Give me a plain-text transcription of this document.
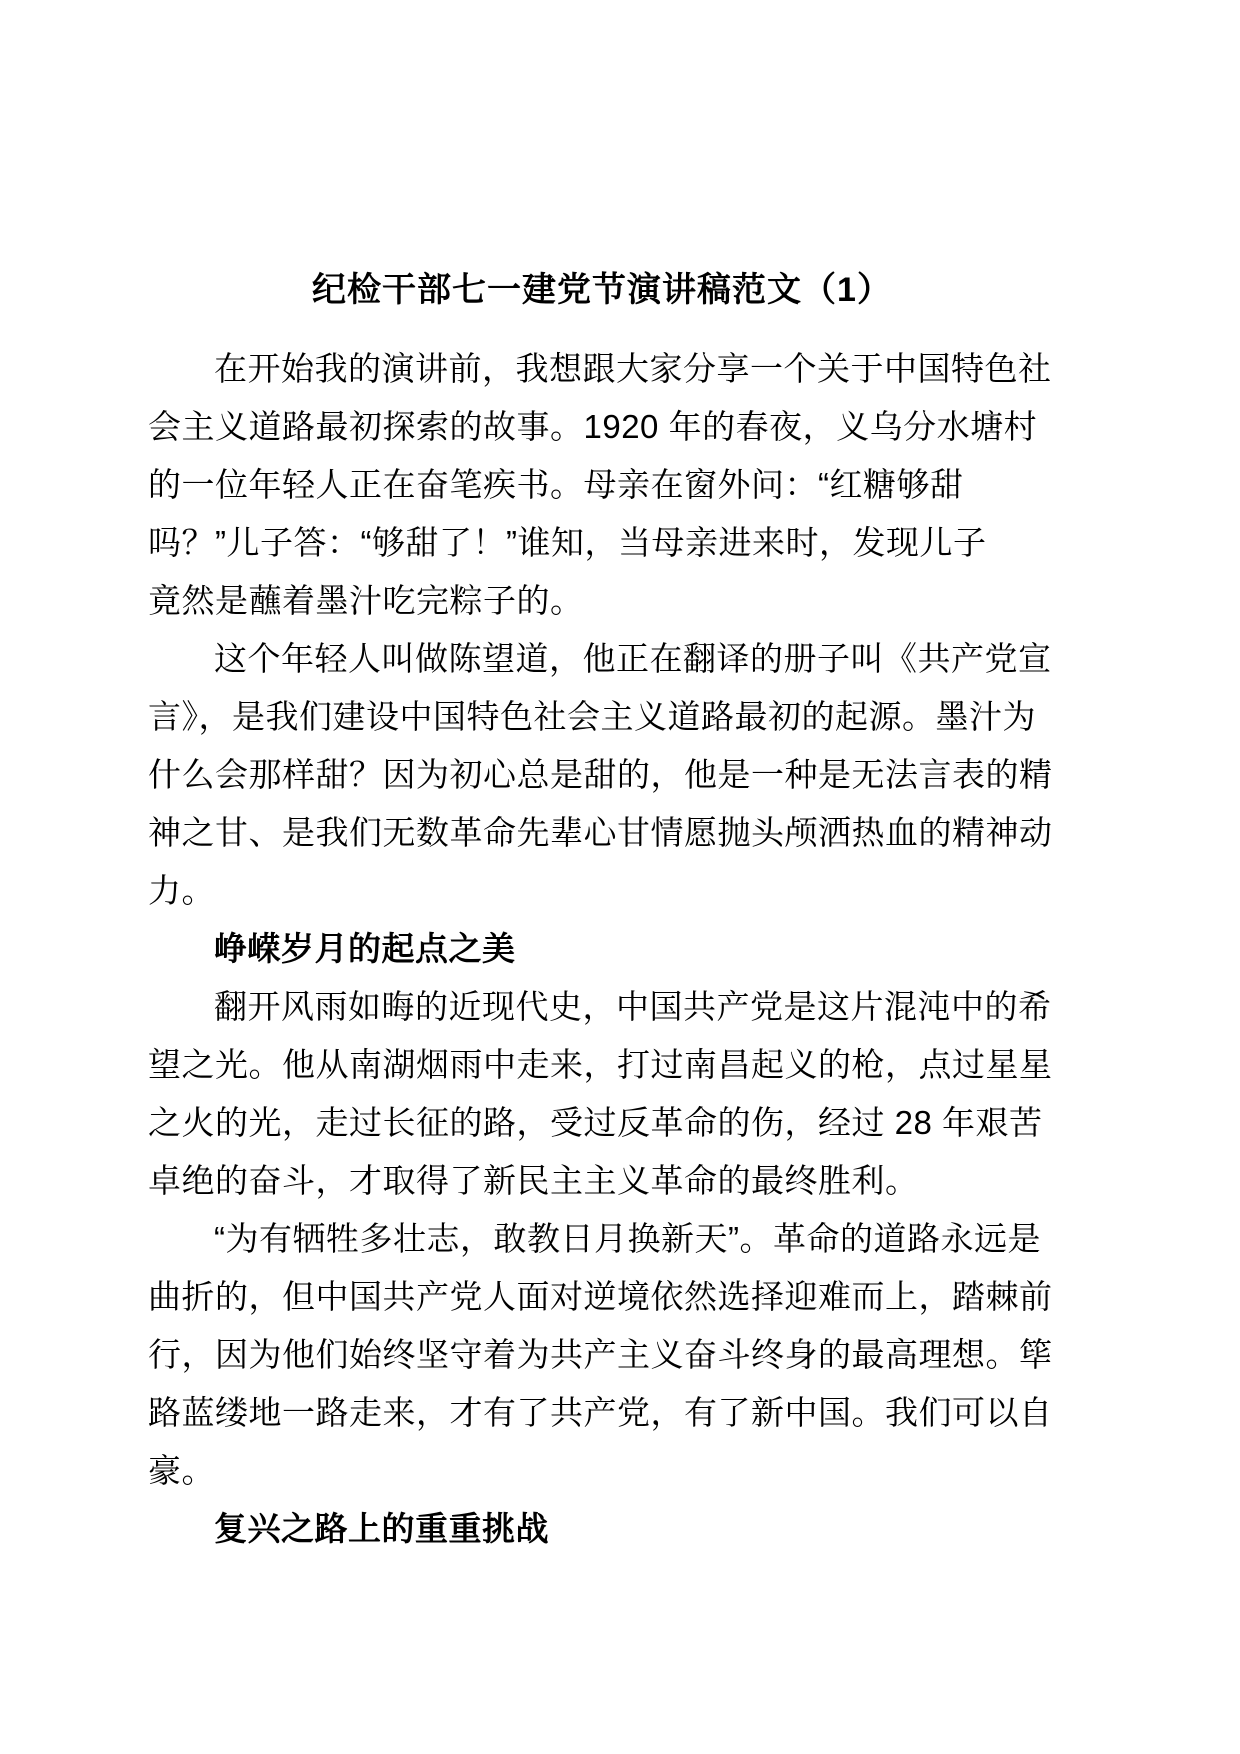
纪检干部七一建党节演讲稿范文（1）
在开始我的演讲前，我想跟大家分享一个关于中国特色社
会主义道路最初探索的故事。1920 年的春夜，义乌分水塘村
的一位年轻人正在奋笔疾书。母亲在窗外问：“红糖够甜
吗？”儿子答：“够甜了！”谁知，当母亲进来时，发现儿子
竟然是蘸着墨汁吃完粽子的。
这个年轻人叫做陈望道，他正在翻译的册子叫《共产党宣
言》，是我们建设中国特色社会主义道路最初的起源。墨汁为
什么会那样甜？因为初心总是甜的，他是一种是无法言表的精
神之甘、是我们无数革命先辈心甘情愿抛头颅洒热血的精神动
力。
峥嵘岁月的起点之美
翻开风雨如晦的近现代史，中国共产党是这片混沌中的希
望之光。他从南湖烟雨中走来，打过南昌起义的枪，点过星星
之火的光，走过长征的路，受过反革命的伤，经过 28 年艰苦
卓绝的奋斗，才取得了新民主主义革命的最终胜利。
“为有牺牲多壮志，敢教日月换新天”。革命的道路永远是
曲折的，但中国共产党人面对逆境依然选择迎难而上，踏棘前
行，因为他们始终坚守着为共产主义奋斗终身的最高理想。筚
路蓝缕地一路走来，才有了共产党，有了新中国。我们可以自
豪。
复兴之路上的重重挑战
